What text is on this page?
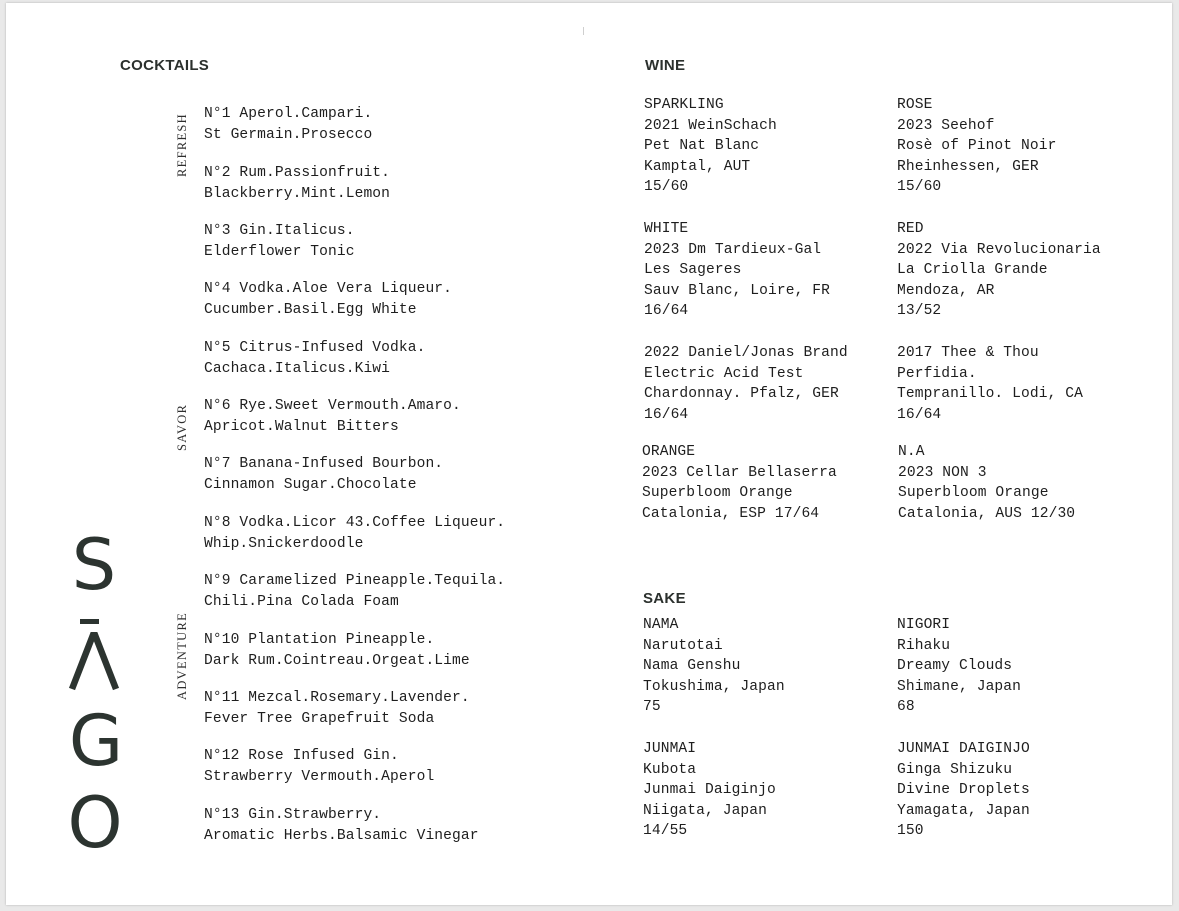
COCKTAILS	WINE
SAKE
REFRESH
SAVOR
ADVENTURE
N°1 Aperol.Campari.
St Germain.Prosecco
N°2 Rum.Passionfruit.
Blackberry.Mint.Lemon
N°3 Gin.Italicus.
Elderflower Tonic
N°4 Vodka.Aloe Vera Liqueur.
Cucumber.Basil.Egg White
N°5 Citrus-Infused Vodka.
Cachaca.Italicus.Kiwi
N°6 Rye.Sweet Vermouth.Amaro.
Apricot.Walnut Bitters
N°7 Banana-Infused Bourbon.
Cinnamon Sugar.Chocolate
N°8 Vodka.Licor 43.Coffee Liqueur.
Whip.Snickerdoodle
N°9 Caramelized Pineapple.Tequila.
Chili.Pina Colada Foam
N°10 Plantation Pineapple.
Dark Rum.Cointreau.Orgeat.Lime
N°11 Mezcal.Rosemary.Lavender.
Fever Tree Grapefruit Soda
N°12 Rose Infused Gin.
Strawberry Vermouth.Aperol
N°13 Gin.Strawberry.
Aromatic Herbs.Balsamic Vinegar
SPARKLING
2021 WeinSchach
Pet Nat Blanc
Kamptal, AUT
15/60
ROSE
2023 Seehof
Rosè of Pinot Noir
Rheinhessen, GER
15/60
WHITE
2023 Dm Tardieux-Gal
Les Sageres
Sauv Blanc, Loire, FR
16/64
RED
2022 Via Revolucionaria
La Criolla Grande
Mendoza, AR
13/52
2022 Daniel/Jonas Brand
Electric Acid Test
Chardonnay. Pfalz, GER
16/64
2017 Thee & Thou
Perfidia.
Tempranillo. Lodi, CA
16/64
ORANGE
2023 Cellar Bellaserra
Superbloom Orange
Catalonia, ESP 17/64
N.A
2023 NON 3
Superbloom Orange
Catalonia, AUS 12/30
NAMA
Narutotai
Nama Genshu
Tokushima, Japan
75
NIGORI
Rihaku
Dreamy Clouds
Shimane, Japan
68
JUNMAI
Kubota
Junmai Daiginjo
Niigata, Japan
14/55
JUNMAI DAIGINJO
Ginga Shizuku
Divine Droplets
Yamagata, Japan
150
S
G
O
